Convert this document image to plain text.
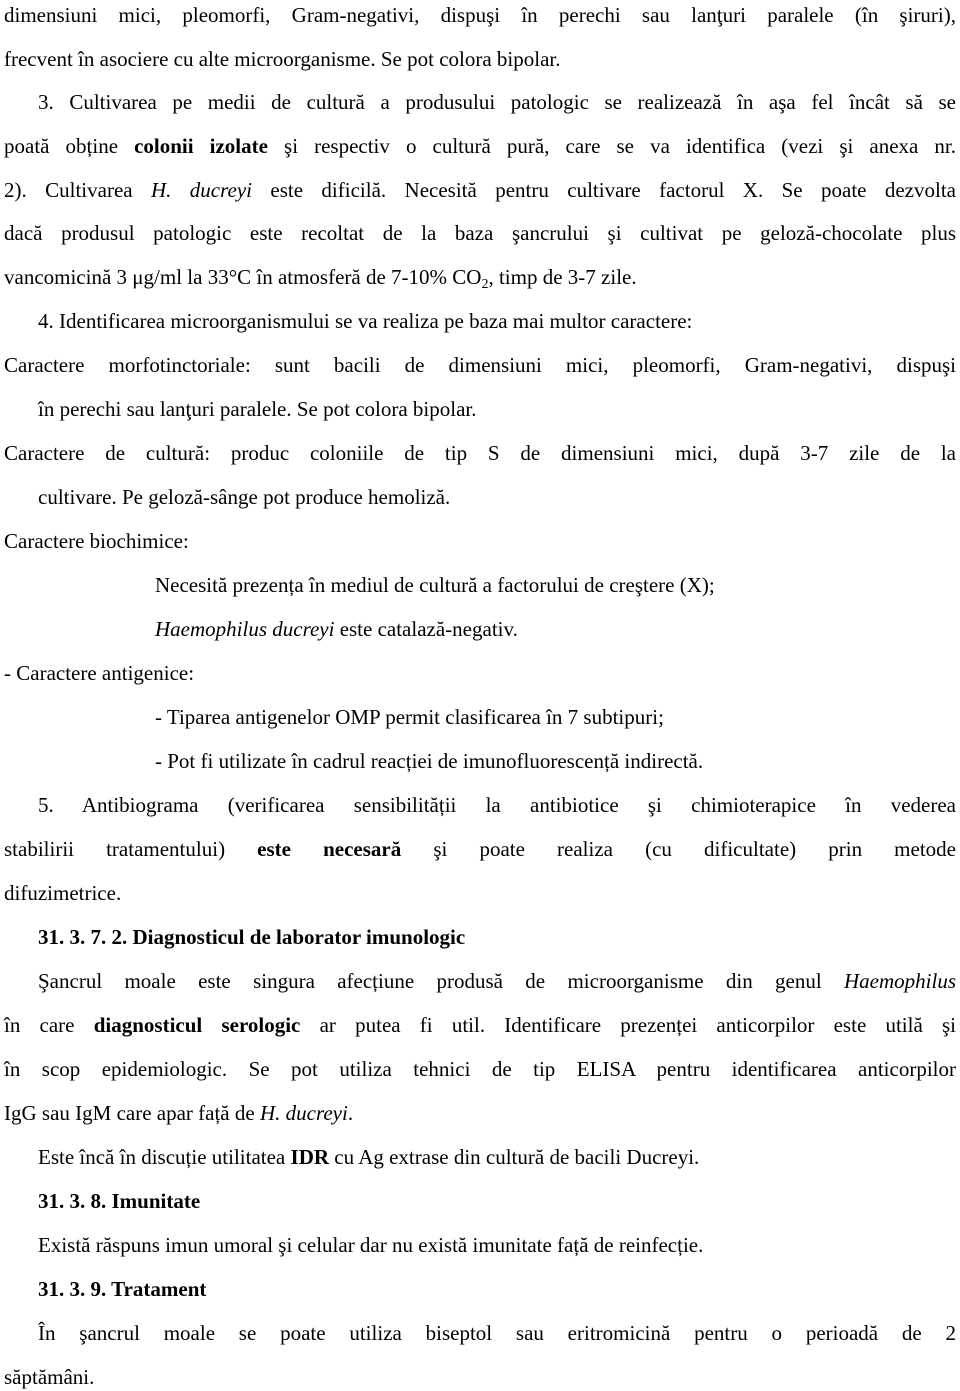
dimensiuni mici, pleomorfi, Gram-negativi, dispuşi în perechi sau lanţuri paralele (în şiruri),
frecvent în asociere cu alte microorganisme. Se pot colora bipolar.
3. Cultivarea pe medii de cultură a produsului patologic se realizează în aşa fel încât să se
poată obține colonii izolate şi respectiv o cultură pură, care se va identifica (vezi şi anexa nr.
2). Cultivarea H. ducreyi este dificilă. Necesită pentru cultivare factorul X. Se poate dezvolta
dacă produsul patologic este recoltat de la baza şancrului şi cultivat pe geloză-chocolate plus
vancomicină 3 μg/ml la 33°C în atmosferă de 7-10% $CO_2$, timp de 3-7 zile.
4. Identificarea microorganismului se va realiza pe baza mai multor caractere:
Caractere morfotinctoriale: sunt bacili de dimensiuni mici, pleomorfi, Gram-negativi, dispuşi
în perechi sau lanţuri paralele. Se pot colora bipolar.
Caractere de cultură: produc coloniile de tip S de dimensiuni mici, după 3-7 zile de la
cultivare. Pe geloză-sânge pot produce hemoliză.
Caractere biochimice:
Necesită prezența în mediul de cultură a factorului de creştere (X);
Haemophilus ducreyi este catalază-negativ.
- Caractere antigenice:
- Tiparea antigenelor OMP permit clasificarea în 7 subtipuri;
- Pot fi utilizate în cadrul reacției de imunofluorescență indirectă.
5. Antibiograma (verificarea sensibilității la antibiotice şi chimioterapice în vederea
stabilirii tratamentului) este necesară şi poate realiza (cu dificultate) prin metode
difuzimetrice.
31. 3. 7. 2. Diagnosticul de laborator imunologic
Şancrul moale este singura afecțiune produsă de microorganisme din genul Haemophilus
în care diagnosticul serologic ar putea fi util. Identificare prezenței anticorpilor este utilă şi
în scop epidemiologic. Se pot utiliza tehnici de tip ELISA pentru identificarea anticorpilor
IgG sau IgM care apar față de H. ducreyi.
Este încă în discuție utilitatea IDR cu Ag extrase din cultură de bacili Ducreyi.
31. 3. 8. Imunitate
Există răspuns imun umoral şi celular dar nu există imunitate față de reinfecție.
31. 3. 9. Tratament
În şancrul moale se poate utiliza biseptol sau eritromicină pentru o perioadă de 2
săptămâni.
